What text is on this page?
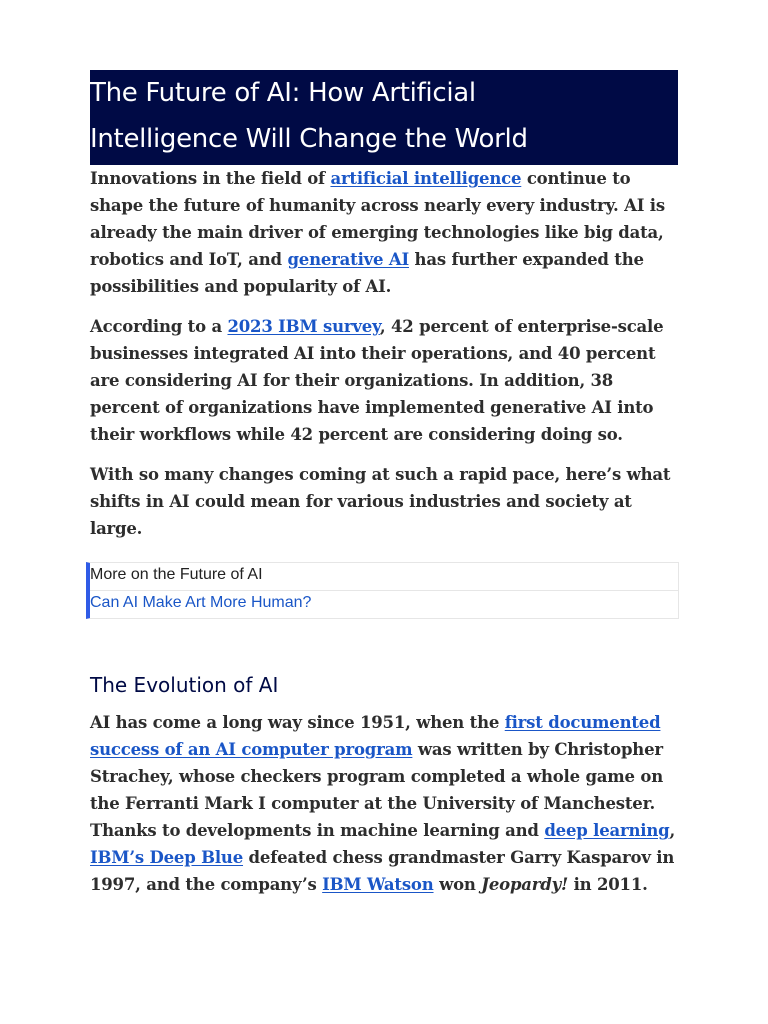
The Future of AI: How Artificial
Intelligence Will Change the World

Innovations in the field of artificial intelligence continue to shape the future of humanity across nearly every industry. AI is already the main driver of emerging technologies like big data, robotics and IoT, and generative AI has further expanded the possibilities and popularity of AI.

According to a 2023 IBM survey, 42 percent of enterprise-scale businesses integrated AI into their operations, and 40 percent are considering AI for their organizations. In addition, 38 percent of organizations have implemented generative AI into their workflows while 42 percent are considering doing so.

With so many changes coming at such a rapid pace, here’s what shifts in AI could mean for various industries and society at large.

More on the Future of AI
Can AI Make Art More Human?
The Evolution of AI

AI has come a long way since 1951, when the first documented success of an AI computer program was written by Christopher Strachey, whose checkers program completed a whole game on the Ferranti Mark I computer at the University of Manchester. Thanks to developments in machine learning and deep learning, IBM’s Deep Blue defeated chess grandmaster Garry Kasparov in 1997, and the company’s IBM Watson won Jeopardy! in 2011.
